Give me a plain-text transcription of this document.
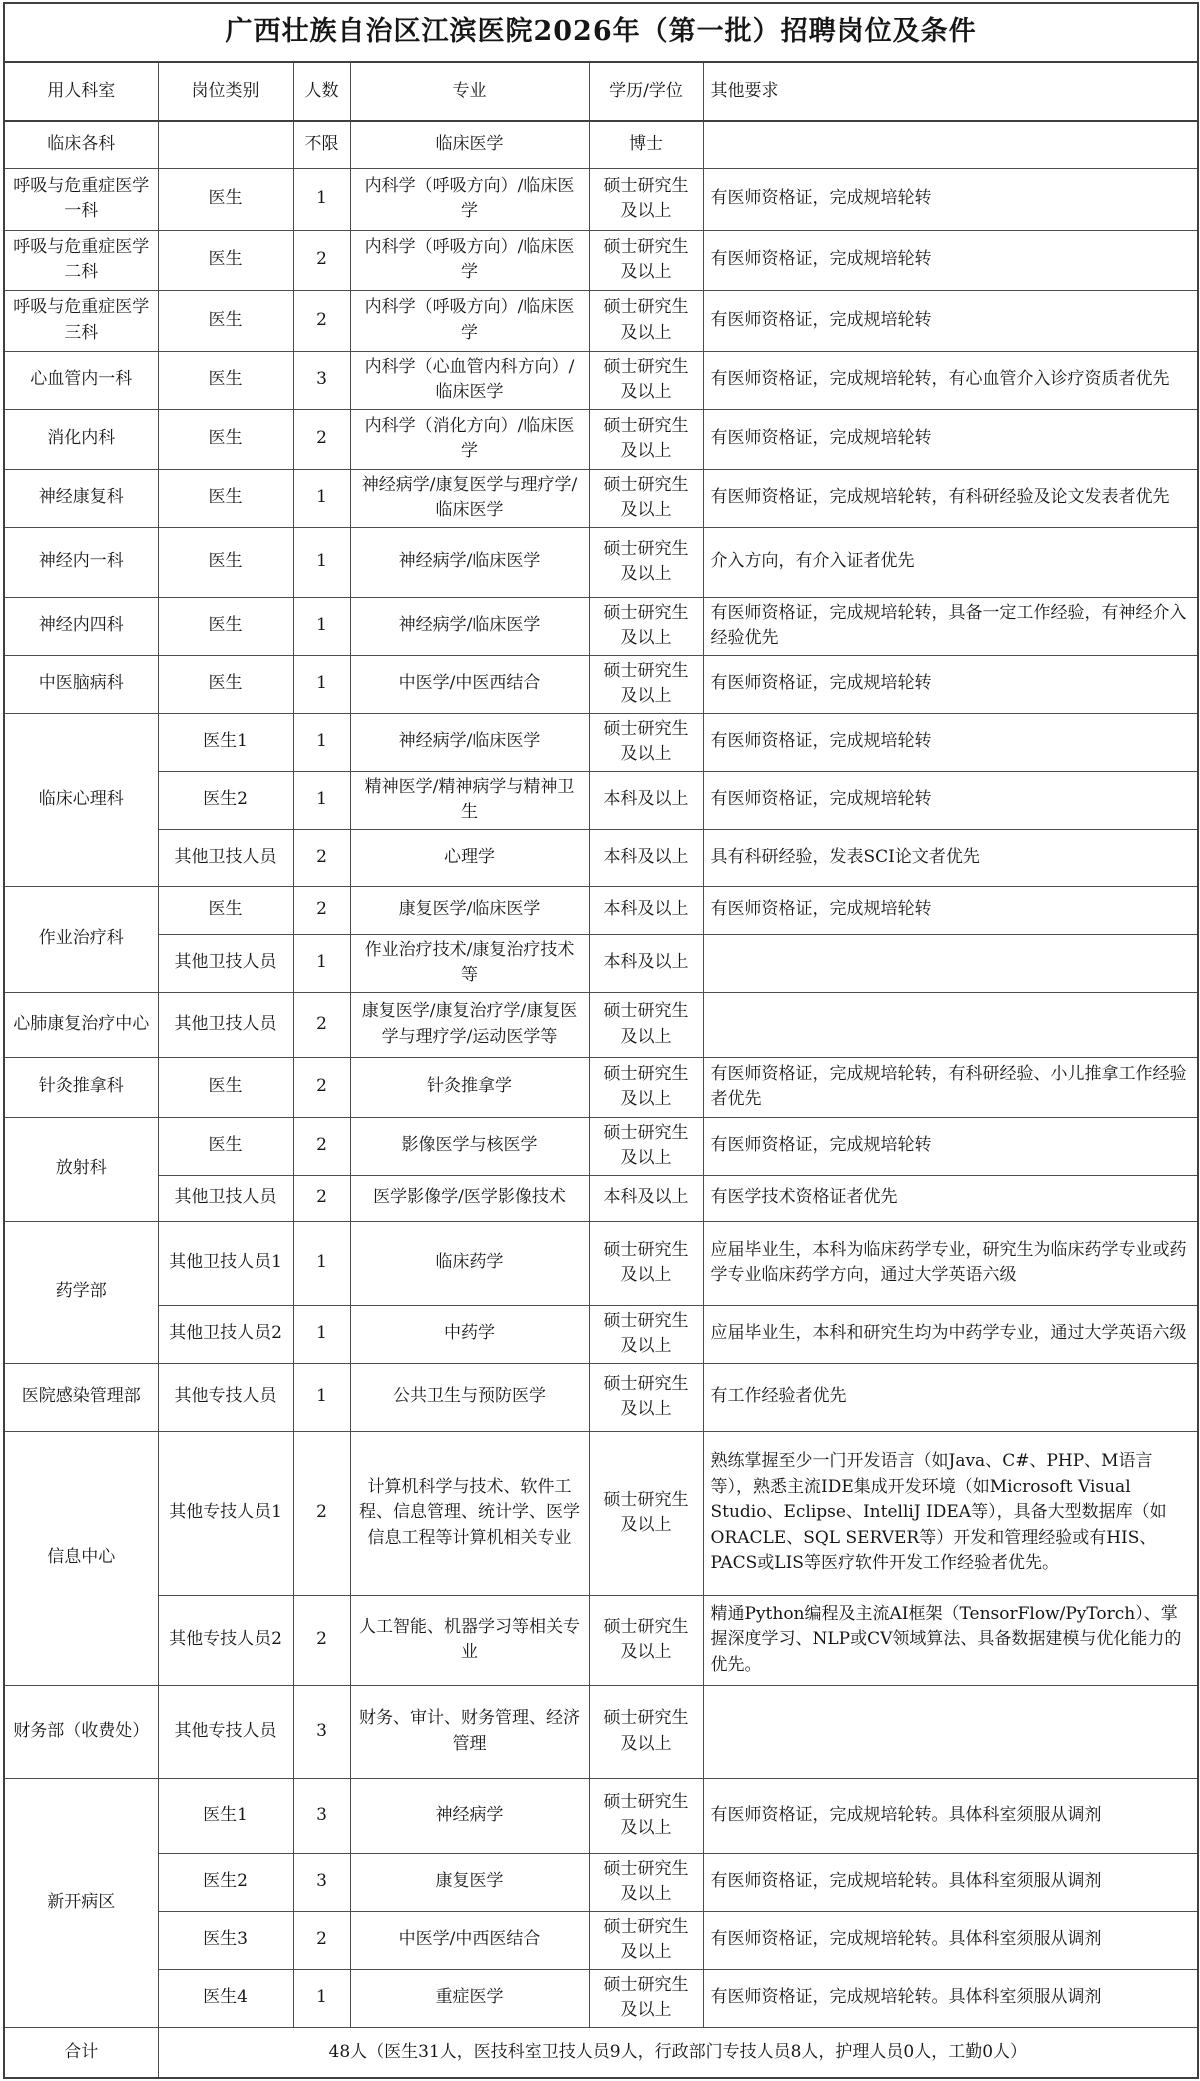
广西壮族自治区江滨医院2026年（第一批）招聘岗位及条件					
用人科室	岗位类别	人数	专业	学历/学位	其他要求
临床各科		不限	临床医学	博士	
呼吸与危重症医学一科	医生	1	内科学（呼吸方向）/临床医学	硕士研究生及以上	有医师资格证，完成规培轮转
呼吸与危重症医学二科	医生	2	内科学（呼吸方向）/临床医学	硕士研究生及以上	有医师资格证，完成规培轮转
呼吸与危重症医学三科	医生	2	内科学（呼吸方向）/临床医学	硕士研究生及以上	有医师资格证，完成规培轮转
心血管内一科	医生	3	内科学（心血管内科方向）/临床医学	硕士研究生及以上	有医师资格证，完成规培轮转，有心血管介入诊疗资质者优先
消化内科	医生	2	内科学（消化方向）/临床医学	硕士研究生及以上	有医师资格证，完成规培轮转
神经康复科	医生	1	神经病学/康复医学与理疗学/临床医学	硕士研究生及以上	有医师资格证，完成规培轮转，有科研经验及论文发表者优先
神经内一科	医生	1	神经病学/临床医学	硕士研究生及以上	介入方向，有介入证者优先
神经内四科	医生	1	神经病学/临床医学	硕士研究生及以上	有医师资格证，完成规培轮转，具备一定工作经验，有神经介入经验优先
中医脑病科	医生	1	中医学/中医西结合	硕士研究生及以上	有医师资格证，完成规培轮转
临床心理科	医生1	1	神经病学/临床医学	硕士研究生及以上	有医师资格证，完成规培轮转
	医生2	1	精神医学/精神病学与精神卫生	本科及以上	有医师资格证，完成规培轮转
	其他卫技人员	2	心理学	本科及以上	具有科研经验，发表SCI论文者优先
作业治疗科	医生	2	康复医学/临床医学	本科及以上	有医师资格证，完成规培轮转
	其他卫技人员	1	作业治疗技术/康复治疗技术等	本科及以上	
心肺康复治疗中心	其他卫技人员	2	康复医学/康复治疗学/康复医学与理疗学/运动医学等	硕士研究生及以上	
针灸推拿科	医生	2	针灸推拿学	硕士研究生及以上	有医师资格证，完成规培轮转，有科研经验、小儿推拿工作经验者优先
放射科	医生	2	影像医学与核医学	硕士研究生及以上	有医师资格证，完成规培轮转
	其他卫技人员	2	医学影像学/医学影像技术	本科及以上	有医学技术资格证者优先
药学部	其他卫技人员1	1	临床药学	硕士研究生及以上	应届毕业生，本科为临床药学专业，研究生为临床药学专业或药学专业临床药学方向，通过大学英语六级
	其他卫技人员2	1	中药学	硕士研究生及以上	应届毕业生，本科和研究生均为中药学专业，通过大学英语六级
医院感染管理部	其他专技人员	1	公共卫生与预防医学	硕士研究生及以上	有工作经验者优先
信息中心	其他专技人员1	2	计算机科学与技术、软件工程、信息管理、统计学、医学信息工程等计算机相关专业	硕士研究生及以上	熟练掌握至少一门开发语言（如Java、C#、PHP、M语言等），熟悉主流IDE集成开发环境（如Microsoft Visual Studio、Eclipse、IntelliJ IDEA等），具备大型数据库（如ORACLE、SQL SERVER等）开发和管理经验或有HIS、PACS或LIS等医疗软件开发工作经验者优先。
	其他专技人员2	2	人工智能、机器学习等相关专业	硕士研究生及以上	精通Python编程及主流AI框架（TensorFlow/PyTorch）、掌握深度学习、NLP或CV领域算法、具备数据建模与优化能力的优先。
财务部（收费处）	其他专技人员	3	财务、审计、财务管理、经济管理	硕士研究生及以上	
新开病区	医生1	3	神经病学	硕士研究生及以上	有医师资格证，完成规培轮转。具体科室须服从调剂
	医生2	3	康复医学	硕士研究生及以上	有医师资格证，完成规培轮转。具体科室须服从调剂
	医生3	2	中医学/中西医结合	硕士研究生及以上	有医师资格证，完成规培轮转。具体科室须服从调剂
	医生4	1	重症医学	硕士研究生及以上	有医师资格证，完成规培轮转。具体科室须服从调剂
合计	48人（医生31人，医技科室卫技人员9人，行政部门专技人员8人，护理人员0人，工勤0人）				
